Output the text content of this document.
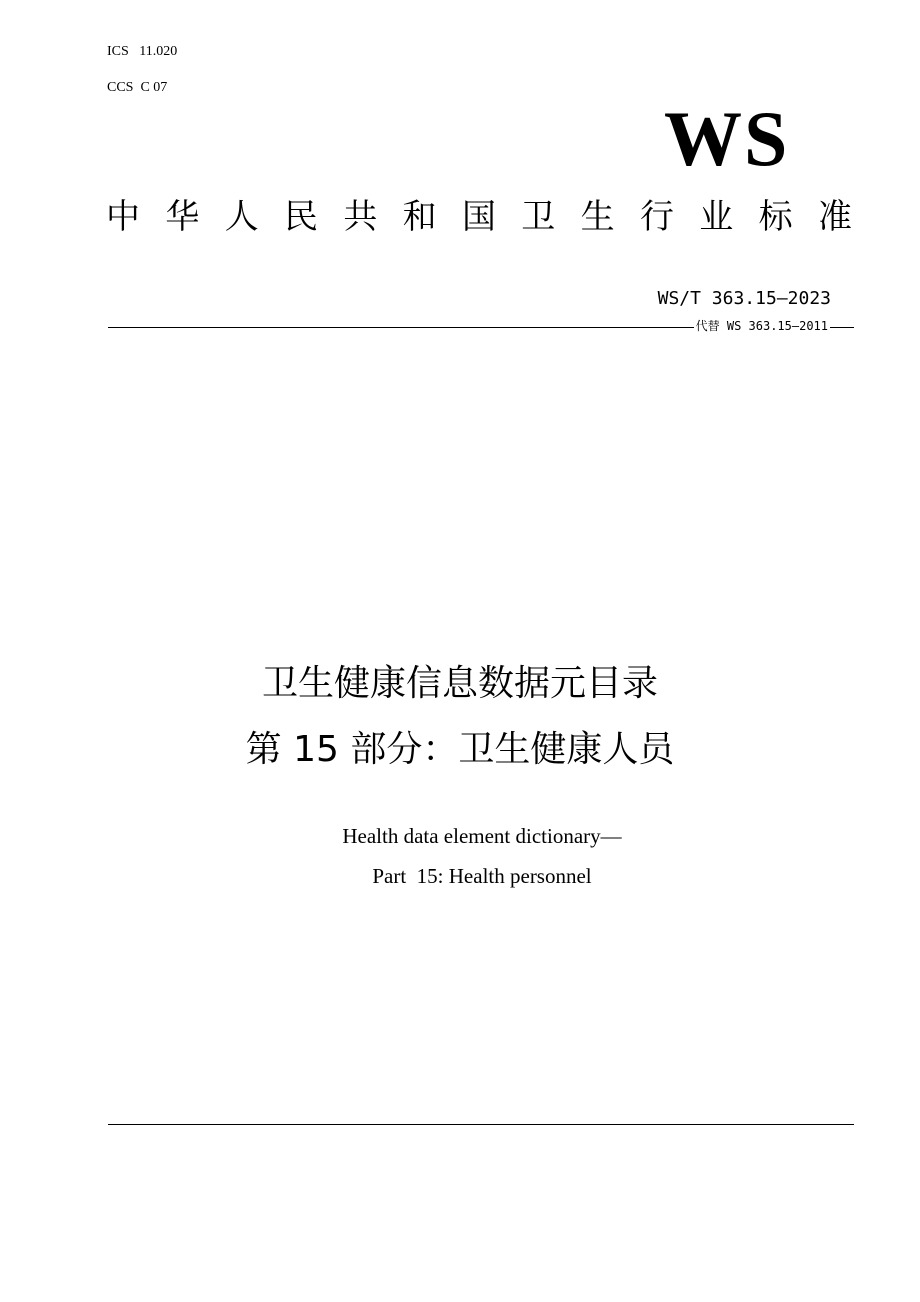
ICS   11.020
CCS  C 07
WS
中 华 人 民 共 和 国 卫 生 行 业 标 准
WS/T 363.15—2023
代替 WS 363.15—2011
卫生健康信息数据元目录
第 15 部分：卫生健康人员
Health data element dictionary—
Part  15: Health personnel
